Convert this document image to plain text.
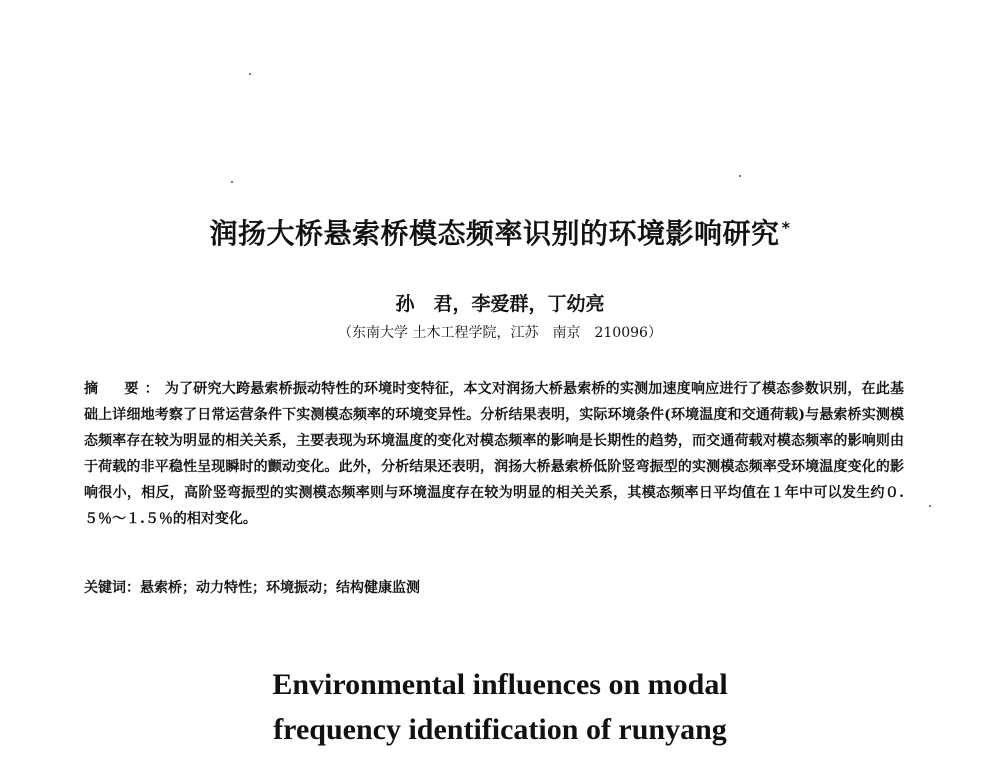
润扬大桥悬索桥模态频率识别的环境影响研究 *
孙　君，李爱群，丁幼亮
（东南大学 土木工程学院，江苏　南京　210096）
摘　要：为了研究大跨悬索桥振动特性的环境时变特征，本文对润扬大桥悬索桥的实测加速度响应进行了模态参数识别，在此基础上详细地考察了日常运营条件下实测模态频率的环境变异性。分析结果表明，实际环境条件(环境温度和交通荷载)与悬索桥实测模态频率存在较为明显的相关关系，主要表现为环境温度的变化对模态频率的影响是长期性的趋势，而交通荷载对模态频率的影响则由于荷载的非平稳性呈现瞬时的颤动变化。此外，分析结果还表明，润扬大桥悬索桥低阶竖弯振型的实测模态频率受环境温度变化的影响很小，相反，高阶竖弯振型的实测模态频率则与环境温度存在较为明显的相关关系，其模态频率日平均值在１年中可以发生约０.５％～１.５％的相对变化。
关键词：悬索桥；动力特性；环境振动；结构健康监测
Environmental influences on modal
frequency identification of runyang
